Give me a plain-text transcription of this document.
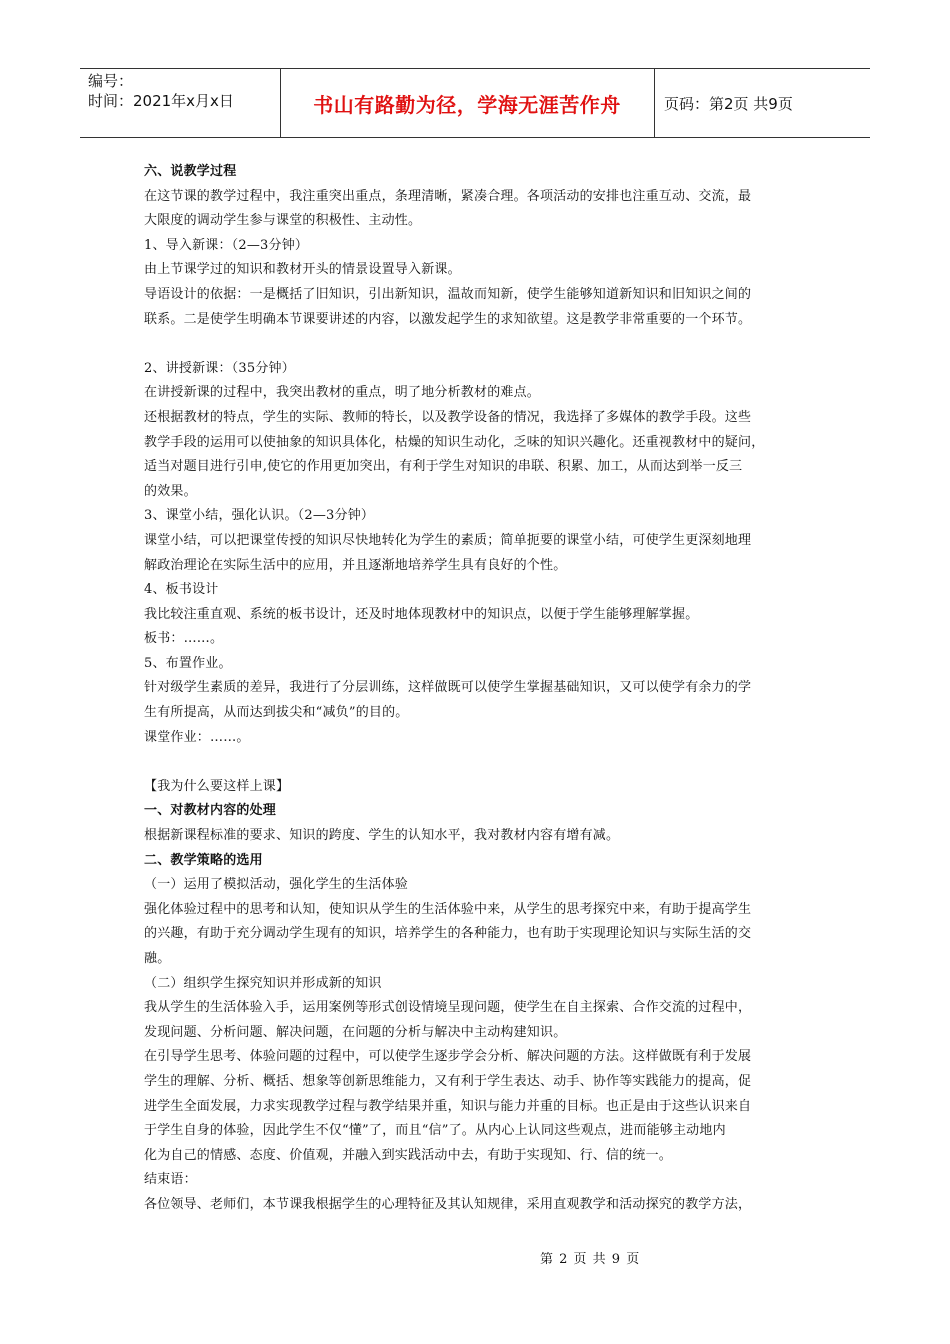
编号：
时间：2021年x月x日	书山有路勤为径，学海无涯苦作舟	页码：第2页 共9页

六、说教学过程

在这节课的教学过程中，我注重突出重点，条理清晰，紧凑合理。各项活动的安排也注重互动、交流，最

大限度的调动学生参与课堂的积极性、主动性。

1、导入新课：（2—3分钟）

由上节课学过的知识和教材开头的情景设置导入新课。

导语设计的依据：一是概括了旧知识，引出新知识，温故而知新，使学生能够知道新知识和旧知识之间的

联系。二是使学生明确本节课要讲述的内容，以激发起学生的求知欲望。这是教学非常重要的一个环节。

2、讲授新课：（35分钟）

在讲授新课的过程中，我突出教材的重点，明了地分析教材的难点。

还根据教材的特点，学生的实际、教师的特长，以及教学设备的情况，我选择了多媒体的教学手段。这些

教学手段的运用可以使抽象的知识具体化，枯燥的知识生动化，乏味的知识兴趣化。还重视教材中的疑问，

适当对题目进行引申,使它的作用更加突出，有利于学生对知识的串联、积累、加工，从而达到举一反三

的效果。

3、课堂小结，强化认识。（2—3分钟）

课堂小结，可以把课堂传授的知识尽快地转化为学生的素质；简单扼要的课堂小结，可使学生更深刻地理

解政治理论在实际生活中的应用，并且逐渐地培养学生具有良好的个性。

4、板书设计

我比较注重直观、系统的板书设计，还及时地体现教材中的知识点，以便于学生能够理解掌握。

板书：……。

5、布置作业。

针对级学生素质的差异，我进行了分层训练，这样做既可以使学生掌握基础知识，又可以使学有余力的学

生有所提高，从而达到拔尖和“减负”的目的。

课堂作业：……。

【我为什么要这样上课】

一、对教材内容的处理

根据新课程标准的要求、知识的跨度、学生的认知水平，我对教材内容有增有减。

二、教学策略的选用

（一）运用了模拟活动，强化学生的生活体验

强化体验过程中的思考和认知，使知识从学生的生活体验中来，从学生的思考探究中来，有助于提高学生

的兴趣，有助于充分调动学生现有的知识，培养学生的各种能力，也有助于实现理论知识与实际生活的交

融。

（二）组织学生探究知识并形成新的知识

我从学生的生活体验入手，运用案例等形式创设情境呈现问题，使学生在自主探索、合作交流的过程中，

发现问题、分析问题、解决问题，在问题的分析与解决中主动构建知识。

在引导学生思考、体验问题的过程中，可以使学生逐步学会分析、解决问题的方法。这样做既有利于发展

学生的理解、分析、概括、想象等创新思维能力，又有利于学生表达、动手、协作等实践能力的提高，促

进学生全面发展，力求实现教学过程与教学结果并重，知识与能力并重的目标。也正是由于这些认识来自

于学生自身的体验，因此学生不仅“懂”了，而且“信”了。从内心上认同这些观点，进而能够主动地内

化为自己的情感、态度、价值观，并融入到实践活动中去，有助于实现知、行、信的统一。

结束语：

各位领导、老师们，本节课我根据学生的心理特征及其认知规律，采用直观教学和活动探究的教学方法，

第 2 页 共 9 页
